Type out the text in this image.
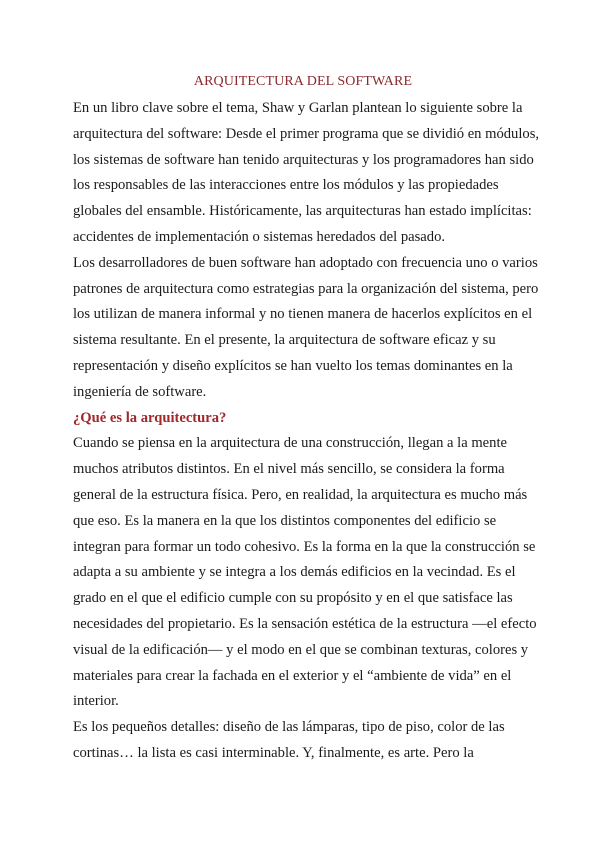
ARQUITECTURA DEL SOFTWARE

En un libro clave sobre el tema, Shaw y Garlan plantean lo siguiente sobre la
arquitectura del software: Desde el primer programa que se dividió en módulos,
los sistemas de software han tenido arquitecturas y los programadores han sido
los responsables de las interacciones entre los módulos y las propiedades
globales del ensamble. Históricamente, las arquitecturas han estado implícitas:
accidentes de implementación o sistemas heredados del pasado.

Los desarrolladores de buen software han adoptado con frecuencia uno o varios
patrones de arquitectura como estrategias para la organización del sistema, pero
los utilizan de manera informal y no tienen manera de hacerlos explícitos en el
sistema resultante. En el presente, la arquitectura de software eficaz y su
representación y diseño explícitos se han vuelto los temas dominantes en la
ingeniería de software.

¿Qué es la arquitectura?

Cuando se piensa en la arquitectura de una construcción, llegan a la mente
muchos atributos distintos. En el nivel más sencillo, se considera la forma
general de la estructura física. Pero, en realidad, la arquitectura es mucho más
que eso. Es la manera en la que los distintos componentes del edificio se
integran para formar un todo cohesivo. Es la forma en la que la construcción se
adapta a su ambiente y se integra a los demás edificios en la vecindad. Es el
grado en el que el edificio cumple con su propósito y en el que satisface las
necesidades del propietario. Es la sensación estética de la estructura —el efecto
visual de la edificación— y el modo en el que se combinan texturas, colores y
materiales para crear la fachada en el exterior y el “ambiente de vida” en el
interior.

Es los pequeños detalles: diseño de las lámparas, tipo de piso, color de las
cortinas… la lista es casi interminable. Y, finalmente, es arte. Pero la
